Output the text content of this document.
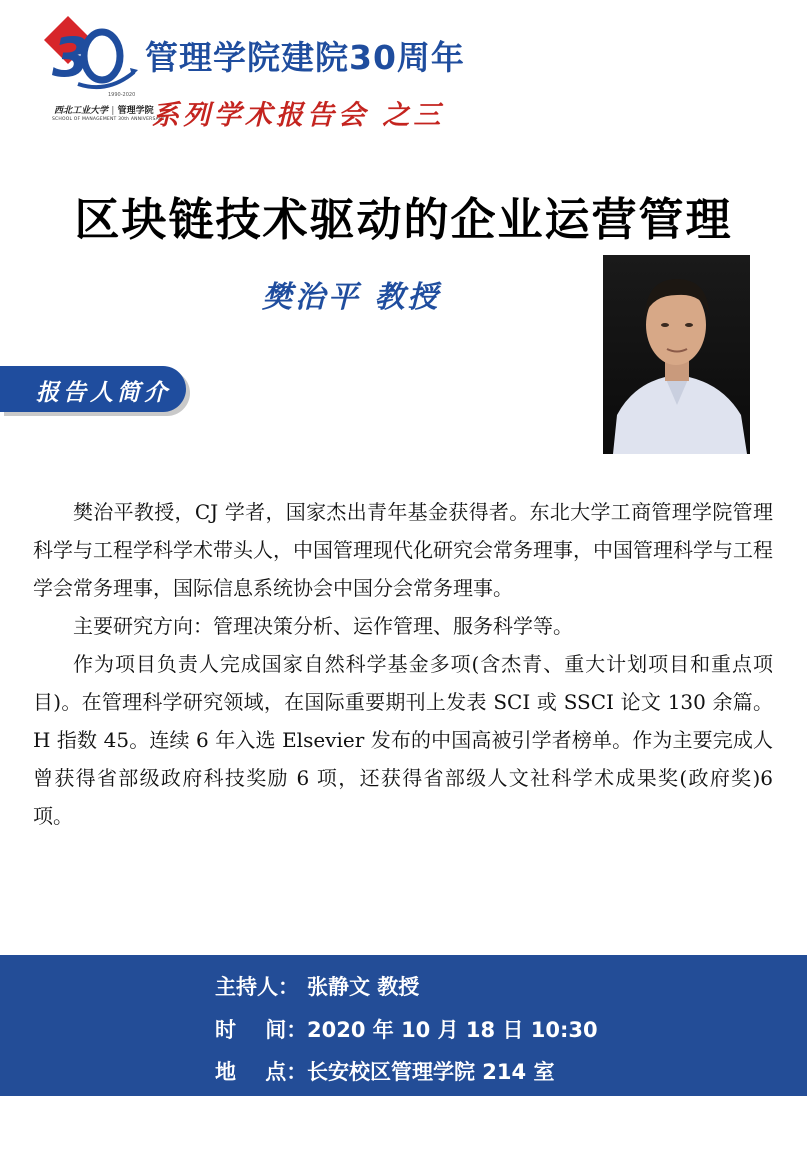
3
1990-2020
西北工业大学 | 管理学院
SCHOOL OF MANAGEMENT 30th ANNIVERSARY
管理学院建院30周年
系列学术报告会 之三
区块链技术驱动的企业运营管理
樊治平 教授
报告人简介

樊治平教授，CJ 学者，国家杰出青年基金获得者。东北大学工商管理学院管理科学与工程学科学术带头人，中国管理现代化研究会常务理事，中国管理科学与工程学会常务理事，国际信息系统协会中国分会常务理事。

主要研究方向：管理决策分析、运作管理、服务科学等。

作为项目负责人完成国家自然科学基金多项(含杰青、重大计划项目和重点项目)。在管理科学研究领域，在国际重要期刊上发表 SCI 或 SSCI 论文 130 余篇。H 指数 45。连续 6 年入选 Elsevier 发布的中国高被引学者榜单。作为主要完成人曾获得省部级政府科技奖励 6 项，还获得省部级人文社科学术成果奖(政府奖)6 项。

主持人： 张静文 教授
时    间：2020 年 10 月 18 日 10:30
地    点：长安校区管理学院 214 室
